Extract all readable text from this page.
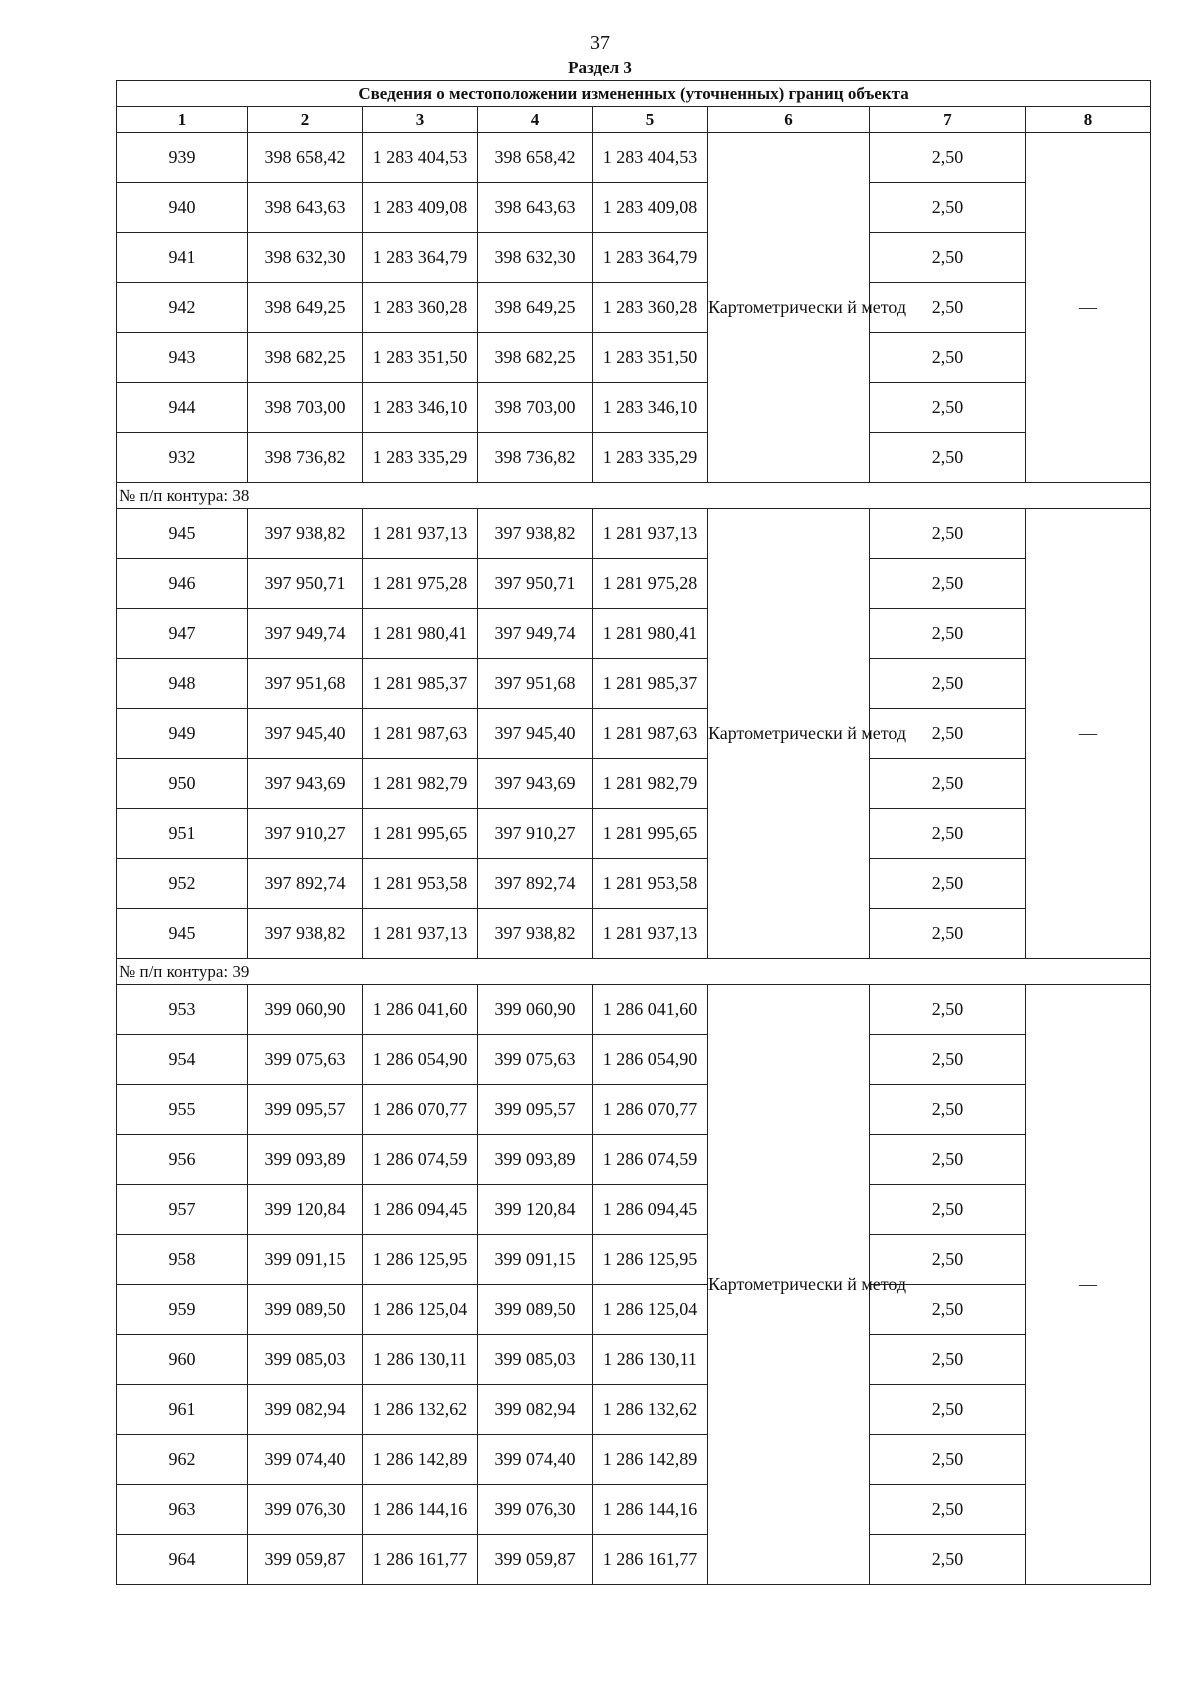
37
Раздел 3
Сведения о местоположении измененных (уточненных) границ объекта							
1	2	3	4	5	6	7	8
939	398 658,42	1 283 404,53	398 658,42	1 283 404,53	Картометрически й метод	2,50	—
940	398 643,63	1 283 409,08	398 643,63	1 283 409,08		2,50	
941	398 632,30	1 283 364,79	398 632,30	1 283 364,79		2,50	
942	398 649,25	1 283 360,28	398 649,25	1 283 360,28		2,50	
943	398 682,25	1 283 351,50	398 682,25	1 283 351,50		2,50	
944	398 703,00	1 283 346,10	398 703,00	1 283 346,10		2,50	
932	398 736,82	1 283 335,29	398 736,82	1 283 335,29		2,50	
№ п/п контура: 38							
945	397 938,82	1 281 937,13	397 938,82	1 281 937,13	Картометрически й метод	2,50	—
946	397 950,71	1 281 975,28	397 950,71	1 281 975,28		2,50	
947	397 949,74	1 281 980,41	397 949,74	1 281 980,41		2,50	
948	397 951,68	1 281 985,37	397 951,68	1 281 985,37		2,50	
949	397 945,40	1 281 987,63	397 945,40	1 281 987,63		2,50	
950	397 943,69	1 281 982,79	397 943,69	1 281 982,79		2,50	
951	397 910,27	1 281 995,65	397 910,27	1 281 995,65		2,50	
952	397 892,74	1 281 953,58	397 892,74	1 281 953,58		2,50	
945	397 938,82	1 281 937,13	397 938,82	1 281 937,13		2,50	
№ п/п контура: 39							
953	399 060,90	1 286 041,60	399 060,90	1 286 041,60	Картометрически й метод	2,50	—
954	399 075,63	1 286 054,90	399 075,63	1 286 054,90		2,50	
955	399 095,57	1 286 070,77	399 095,57	1 286 070,77		2,50	
956	399 093,89	1 286 074,59	399 093,89	1 286 074,59		2,50	
957	399 120,84	1 286 094,45	399 120,84	1 286 094,45		2,50	
958	399 091,15	1 286 125,95	399 091,15	1 286 125,95		2,50	
959	399 089,50	1 286 125,04	399 089,50	1 286 125,04		2,50	
960	399 085,03	1 286 130,11	399 085,03	1 286 130,11		2,50	
961	399 082,94	1 286 132,62	399 082,94	1 286 132,62		2,50	
962	399 074,40	1 286 142,89	399 074,40	1 286 142,89		2,50	
963	399 076,30	1 286 144,16	399 076,30	1 286 144,16		2,50	
964	399 059,87	1 286 161,77	399 059,87	1 286 161,77		2,50	
